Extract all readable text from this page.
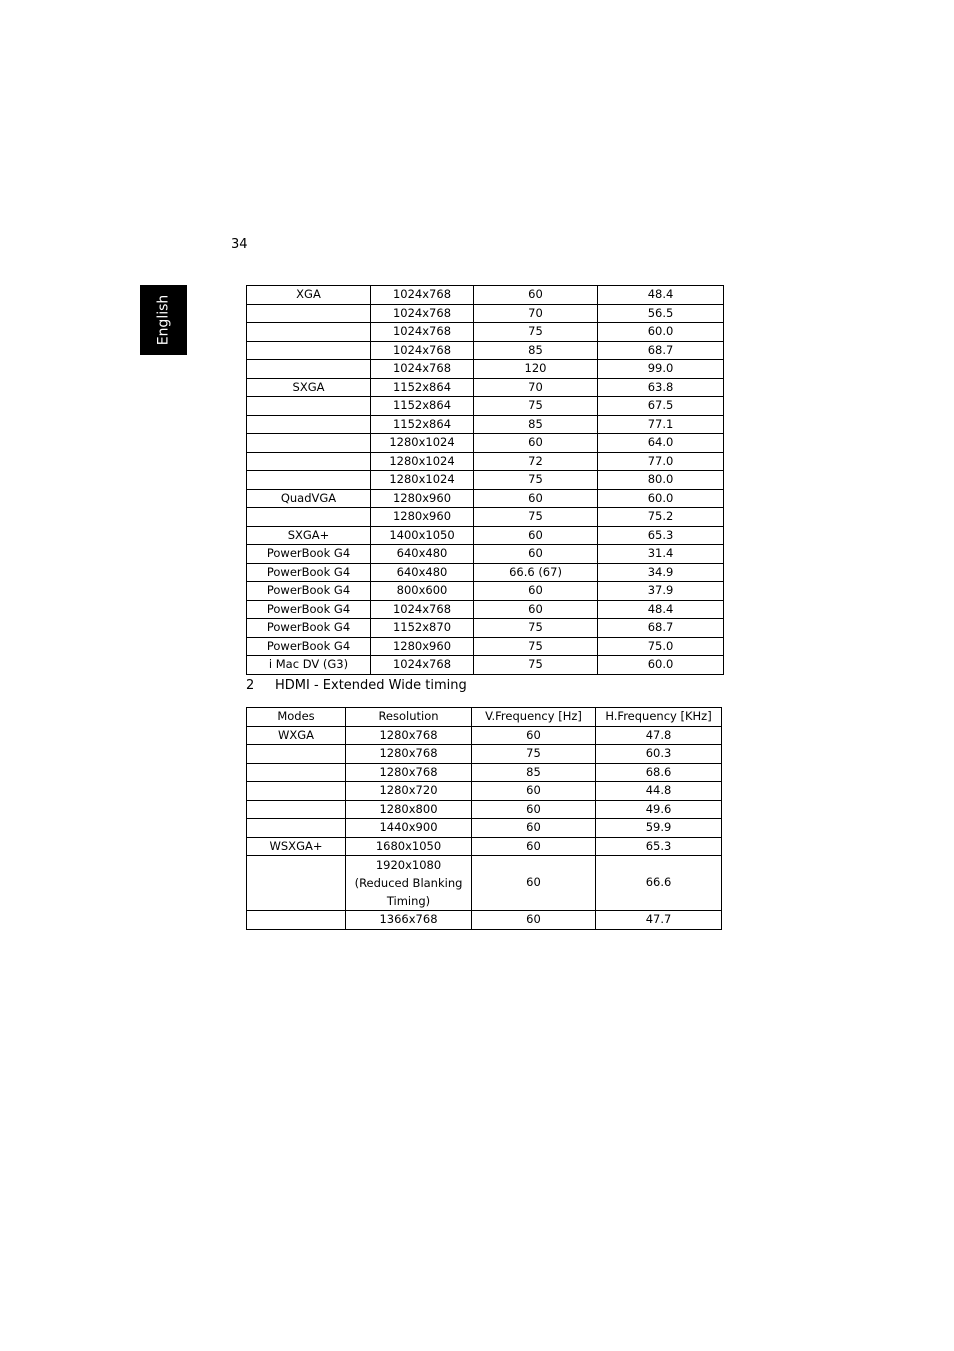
34
English
XGA	1024x768	60	48.4
	1024x768	70	56.5
	1024x768	75	60.0
	1024x768	85	68.7
	1024x768	120	99.0
SXGA	1152x864	70	63.8
	1152x864	75	67.5
	1152x864	85	77.1
	1280x1024	60	64.0
	1280x1024	72	77.0
	1280x1024	75	80.0
QuadVGA	1280x960	60	60.0
	1280x960	75	75.2
SXGA+	1400x1050	60	65.3
PowerBook G4	640x480	60	31.4
PowerBook G4	640x480	66.6 (67)	34.9
PowerBook G4	800x600	60	37.9
PowerBook G4	1024x768	60	48.4
PowerBook G4	1152x870	75	68.7
PowerBook G4	1280x960	75	75.0
i Mac DV (G3)	1024x768	75	60.0
2 HDMI - Extended Wide timing
Modes	Resolution	V.Frequency [Hz]	H.Frequency [KHz]
WXGA	1280x768	60	47.8
	1280x768	75	60.3
	1280x768	85	68.6
	1280x720	60	44.8
	1280x800	60	49.6
	1440x900	60	59.9
WSXGA+	1680x1050	60	65.3
	1920x1080 (Reduced Blanking Timing)	60	66.6
	1366x768	60	47.7
